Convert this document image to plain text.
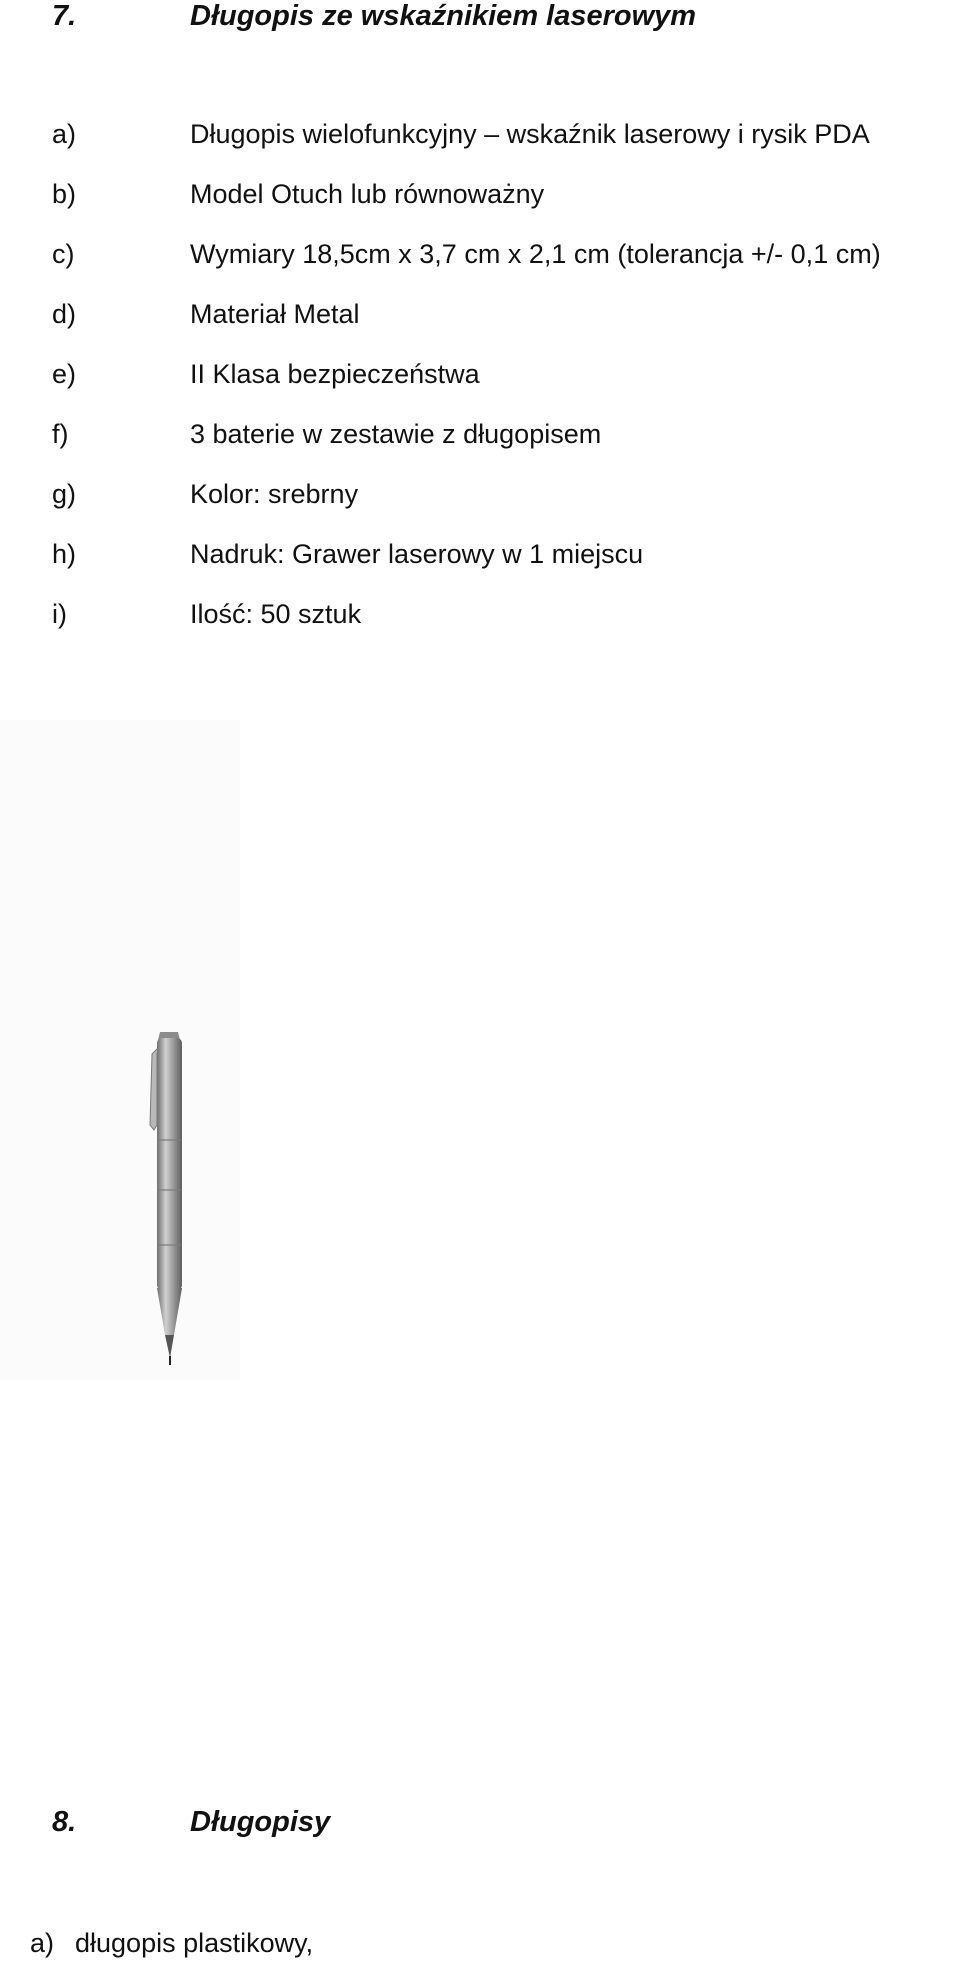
7.	Długopis ze wskaźnikiem laserowym
a)	Długopis wielofunkcyjny – wskaźnik laserowy i rysik PDA
b)	Model Otuch lub równoważny
c)	Wymiary 18,5cm x 3,7 cm x 2,1 cm (tolerancja +/- 0,1 cm)
d)	Materiał Metal
e)	II Klasa bezpieczeństwa
f)	3 baterie w zestawie z długopisem
g)	Kolor: srebrny
h)	Nadruk: Grawer laserowy w 1 miejscu
i)	Ilość: 50 sztuk
8.	Długopisy
a) długopis plastikowy,
